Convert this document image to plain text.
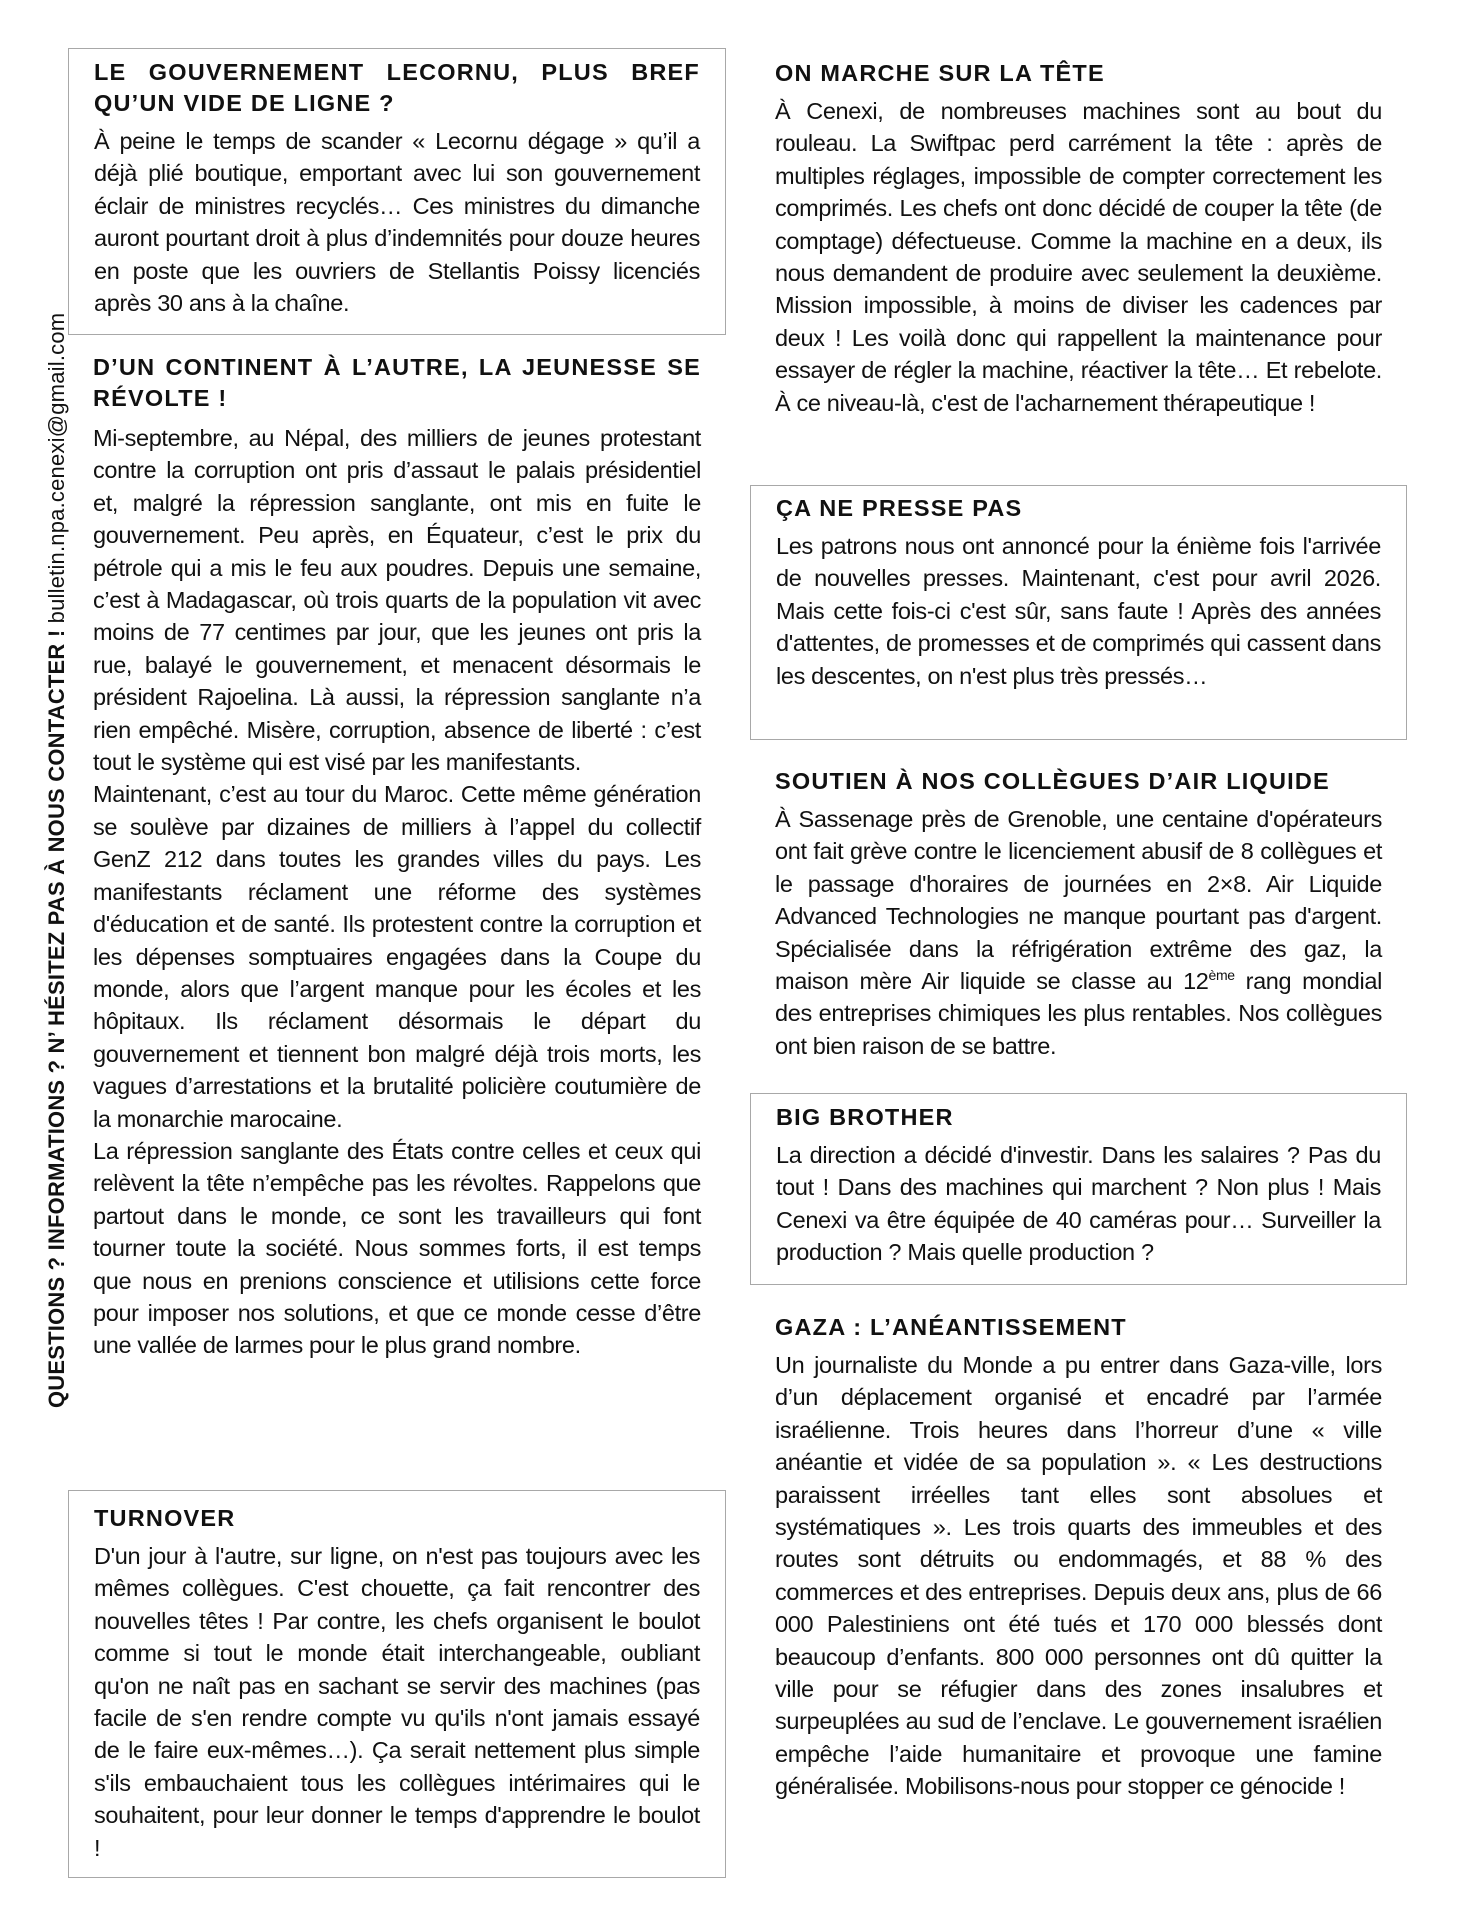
QUESTIONS ? INFORMATIONS ? N’ HÉSITEZ PAS À NOUS CONTACTER ! bulletin.npa.cenexi@gmail.com
LE GOUVERNEMENT LECORNU, PLUS BREF QU’UN VIDE DE LIGNE ?

À peine le temps de scander « Lecornu dégage » qu’il a déjà plié boutique, emportant avec lui son gouvernement éclair de ministres recyclés… Ces ministres du dimanche auront pourtant droit à plus d’indemnités pour douze heures en poste que les ouvriers de Stellantis Poissy licenciés après 30 ans à la chaîne.

D’UN CONTINENT À L’AUTRE, LA JEUNESSE SE RÉVOLTE !

Mi-septembre, au Népal, des milliers de jeunes protestant contre la corruption ont pris d’assaut le palais présidentiel et, malgré la répression sanglante, ont mis en fuite le gouvernement. Peu après, en Équateur, c’est le prix du pétrole qui a mis le feu aux poudres. Depuis une semaine, c’est à Madagascar, où trois quarts de la population vit avec moins de 77 centimes par jour, que les jeunes ont pris la rue, balayé le gouvernement, et menacent désormais le président Rajoelina. Là aussi, la répression sanglante n’a rien empêché. Misère, corruption, absence de liberté : c’est tout le système qui est visé par les manifestants.

Maintenant, c’est au tour du Maroc. Cette même génération se soulève par dizaines de milliers à l’appel du collectif GenZ 212 dans toutes les grandes villes du pays. Les manifestants réclament une réforme des systèmes d'éducation et de santé. Ils protestent contre la corruption et les dépenses somptuaires engagées dans la Coupe du monde, alors que l’argent manque pour les écoles et les hôpitaux. Ils réclament désormais le départ du gouvernement et tiennent bon malgré déjà trois morts, les vagues d’arrestations et la brutalité policière coutumière de la monarchie marocaine.

La répression sanglante des États contre celles et ceux qui relèvent la tête n’empêche pas les révoltes. Rappelons que partout dans le monde, ce sont les travailleurs qui font tourner toute la société. Nous sommes forts, il est temps que nous en prenions conscience et utilisions cette force pour imposer nos solutions, et que ce monde cesse d’être une vallée de larmes pour le plus grand nombre.

TURNOVER

D'un jour à l'autre, sur ligne, on n'est pas toujours avec les mêmes collègues. C'est chouette, ça fait rencontrer des nouvelles têtes ! Par contre, les chefs organisent le boulot comme si tout le monde était interchangeable, oubliant qu'on ne naît pas en sachant se servir des machines (pas facile de s'en rendre compte vu qu'ils n'ont jamais essayé de le faire eux-mêmes…). Ça serait nettement plus simple s'ils embauchaient tous les collègues intérimaires qui le souhaitent, pour leur donner le temps d'apprendre le boulot !

ON MARCHE SUR LA TÊTE

À Cenexi, de nombreuses machines sont au bout du rouleau. La Swiftpac perd carrément la tête : après de multiples réglages, impossible de compter correctement les comprimés. Les chefs ont donc décidé de couper la tête (de comptage) défectueuse. Comme la machine en a deux, ils nous demandent de produire avec seulement la deuxième. Mission impossible, à moins de diviser les cadences par deux ! Les voilà donc qui rappellent la maintenance pour essayer de régler la machine, réactiver la tête… Et rebelote. À ce niveau-là, c'est de l'acharnement thérapeutique !

ÇA NE PRESSE PAS

Les patrons nous ont annoncé pour la énième fois l'arrivée de nouvelles presses. Maintenant, c'est pour avril 2026. Mais cette fois-ci c'est sûr, sans faute ! Après des années d'attentes, de promesses et de comprimés qui cassent dans les descentes, on n'est plus très pressés…

SOUTIEN À NOS COLLÈGUES D’AIR LIQUIDE

À Sassenage près de Grenoble, une centaine d'opérateurs ont fait grève contre le licenciement abusif de 8 collègues et le passage d'horaires de journées en 2×8. Air Liquide Advanced Technologies ne manque pourtant pas d'argent. Spécialisée dans la réfrigération extrême des gaz, la maison mère Air liquide se classe au 12ème rang mondial des entreprises chimiques les plus rentables. Nos collègues ont bien raison de se battre.

BIG BROTHER

La direction a décidé d'investir. Dans les salaires ? Pas du tout ! Dans des machines qui marchent ? Non plus ! Mais Cenexi va être équipée de 40 caméras pour… Surveiller la production ? Mais quelle production ?

GAZA : L’ANÉANTISSEMENT

Un journaliste du Monde a pu entrer dans Gaza-ville, lors d’un déplacement organisé et encadré par l’armée israélienne. Trois heures dans l’horreur d’une « ville anéantie et vidée de sa population ». « Les destructions paraissent irréelles tant elles sont absolues et systématiques ». Les trois quarts des immeubles et des routes sont détruits ou endommagés, et 88 % des commerces et des entreprises. Depuis deux ans, plus de 66 000 Palestiniens ont été tués et 170 000 blessés dont beaucoup d’enfants. 800 000 personnes ont dû quitter la ville pour se réfugier dans des zones insalubres et surpeuplées au sud de l’enclave. Le gouvernement israélien empêche l’aide humanitaire et provoque une famine généralisée. Mobilisons-nous pour stopper ce génocide !
